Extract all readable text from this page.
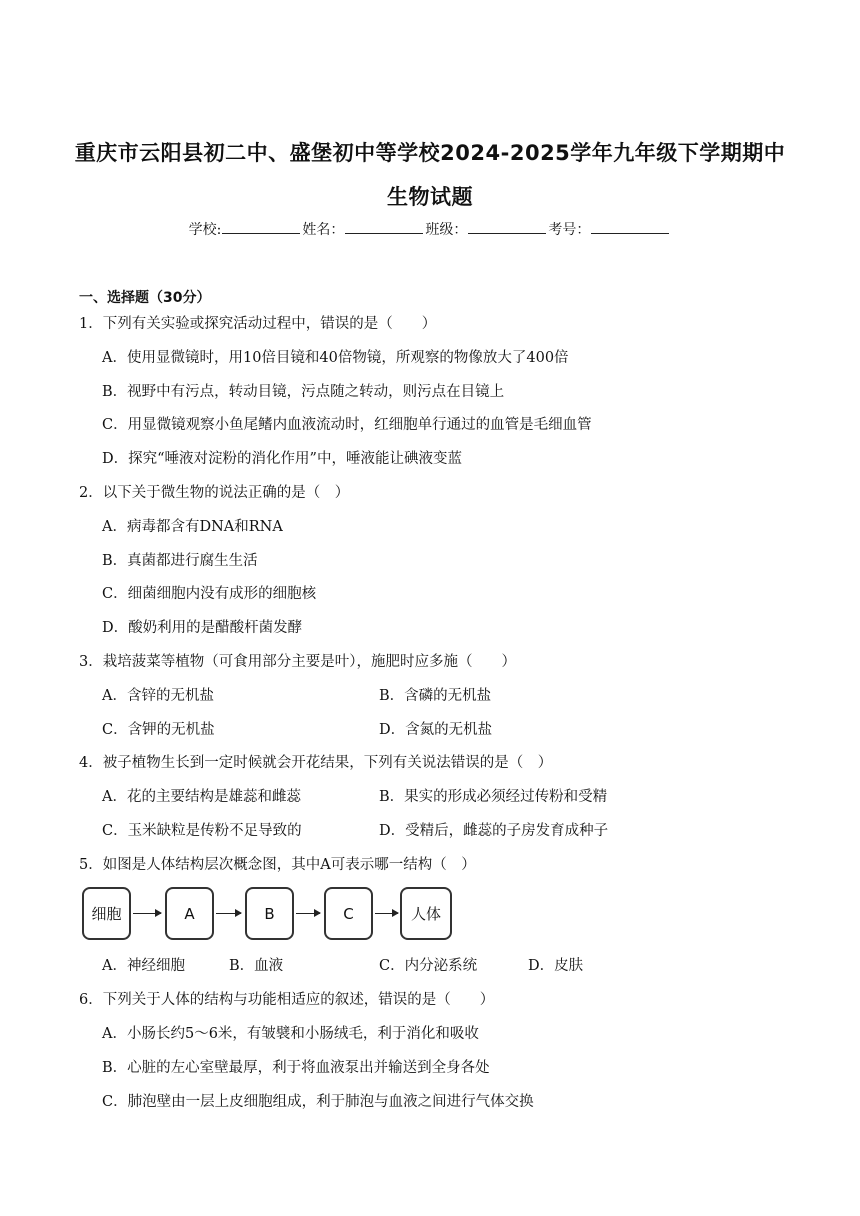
重庆市云阳县初二中、盛堡初中等学校2024-2025学年九年级下学期期中
生物试题
学校:	姓名：	班级：	考号：
一、选择题（30分）
1．下列有关实验或探究活动过程中，错误的是（　　）
A．使用显微镜时，用10倍目镜和40倍物镜，所观察的物像放大了400倍
B．视野中有污点，转动目镜，污点随之转动，则污点在目镜上
C．用显微镜观察小鱼尾鳍内血液流动时，红细胞单行通过的血管是毛细血管
D．探究“唾液对淀粉的消化作用”中，唾液能让碘液变蓝
2．以下关于微生物的说法正确的是（　）
A．病毒都含有DNA和RNA
B．真菌都进行腐生生活
C．细菌细胞内没有成形的细胞核
D．酸奶利用的是醋酸杆菌发酵
3．栽培菠菜等植物（可食用部分主要是叶），施肥时应多施（　　）
A．含锌的无机盐	B．含磷的无机盐
C．含钾的无机盐	D．含氮的无机盐
4．被子植物生长到一定时候就会开花结果，下列有关说法错误的是（　）
A．花的主要结构是雄蕊和雌蕊	B．果实的形成必须经过传粉和受精
C．玉米缺粒是传粉不足导致的	D．受精后，雌蕊的子房发育成种子
5．如图是人体结构层次概念图，其中A可表示哪一结构（　）
细胞	A	B	C	人体
A．神经细胞	B．血液	C．内分泌系统	D．皮肤
6．下列关于人体的结构与功能相适应的叙述，错误的是（　　）
A．小肠长约5～6米，有皱襞和小肠绒毛，利于消化和吸收
B．心脏的左心室壁最厚，利于将血液泵出并输送到全身各处
C．肺泡壁由一层上皮细胞组成，利于肺泡与血液之间进行气体交换
